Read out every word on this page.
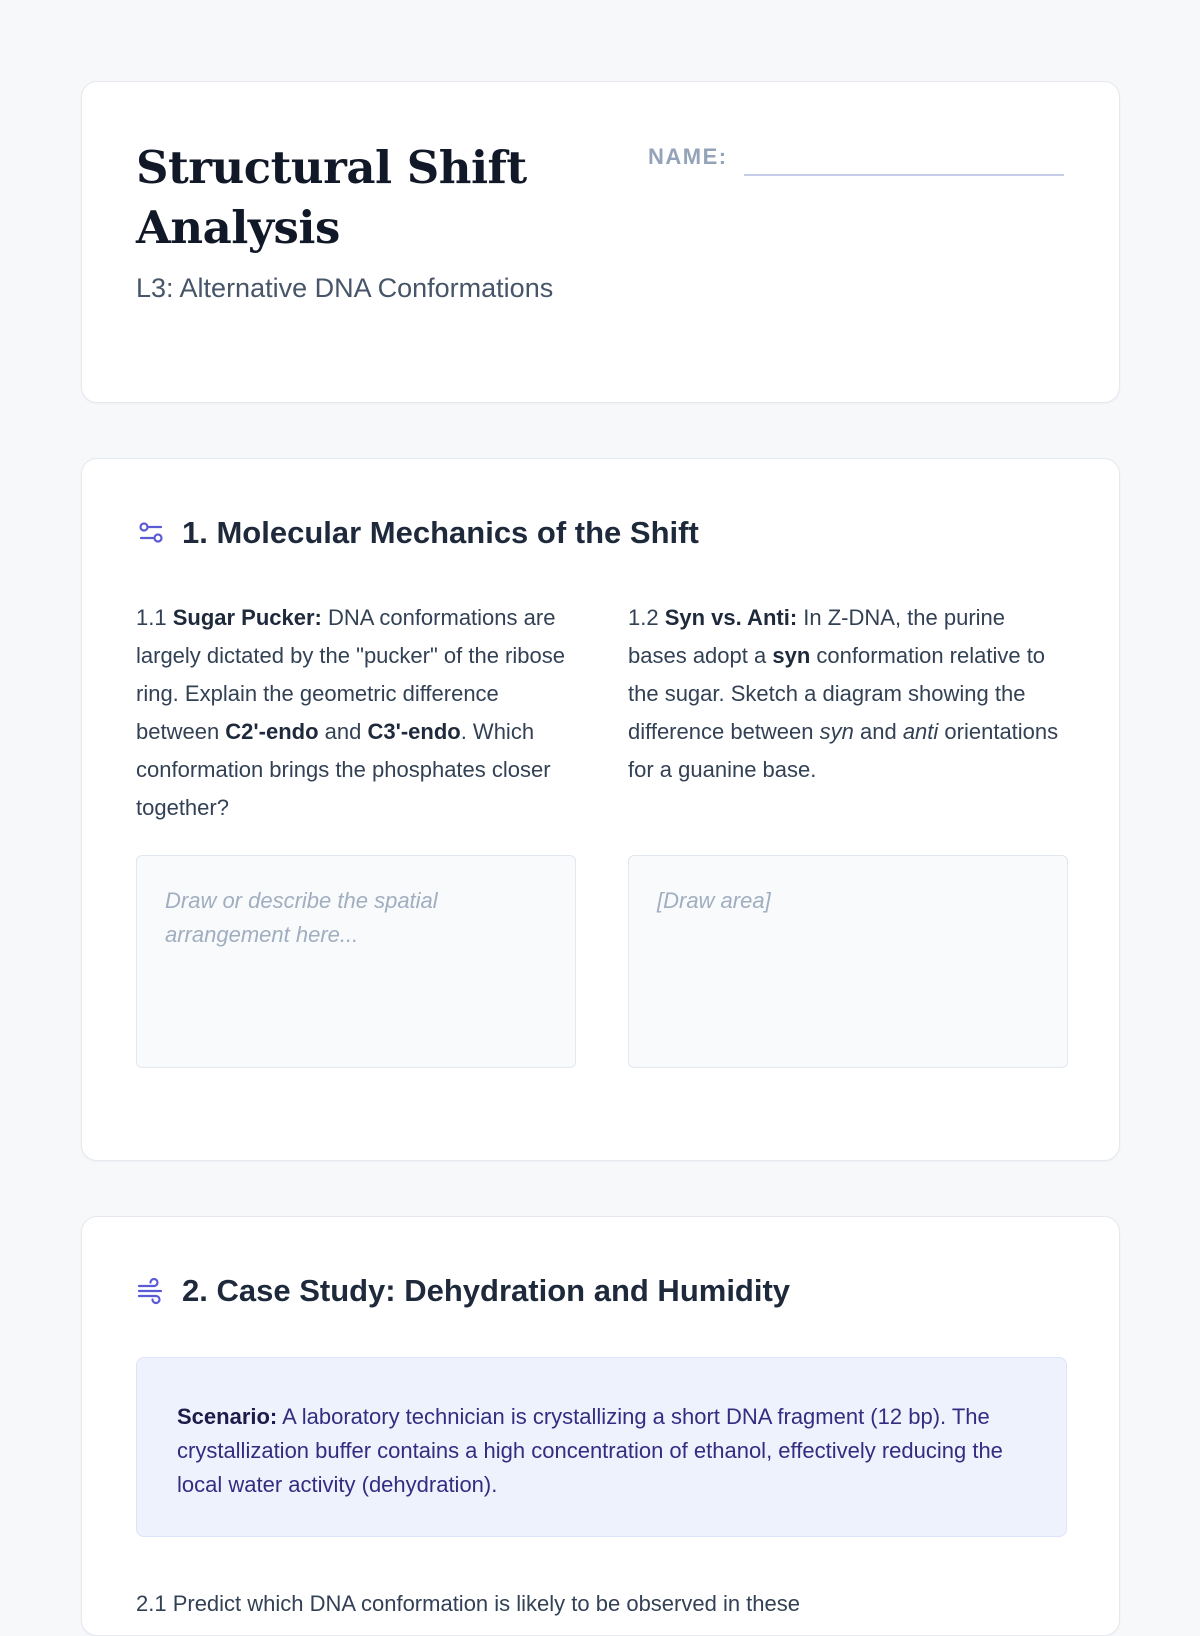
Structural Shift Analysis
L3: Alternative DNA Conformations
NAME:
1. Molecular Mechanics of the Shift

1.1 Sugar Pucker: DNA conformations are largely dictated by the "pucker" of the ribose ring. Explain the geometric difference between C2'-endo and C3'-endo. Which conformation brings the phosphates closer together?

Draw or describe the spatial arrangement here...

1.2 Syn vs. Anti: In Z-DNA, the purine bases adopt a syn conformation relative to the sugar. Sketch a diagram showing the difference between syn and anti orientations for a guanine base.

[Draw area]
2. Case Study: Dehydration and Humidity
Scenario: A laboratory technician is crystallizing a short DNA fragment (12 bp). The crystallization buffer contains a high concentration of ethanol, effectively reducing the local water activity (dehydration).

2.1 Predict which DNA conformation is likely to be observed in these
